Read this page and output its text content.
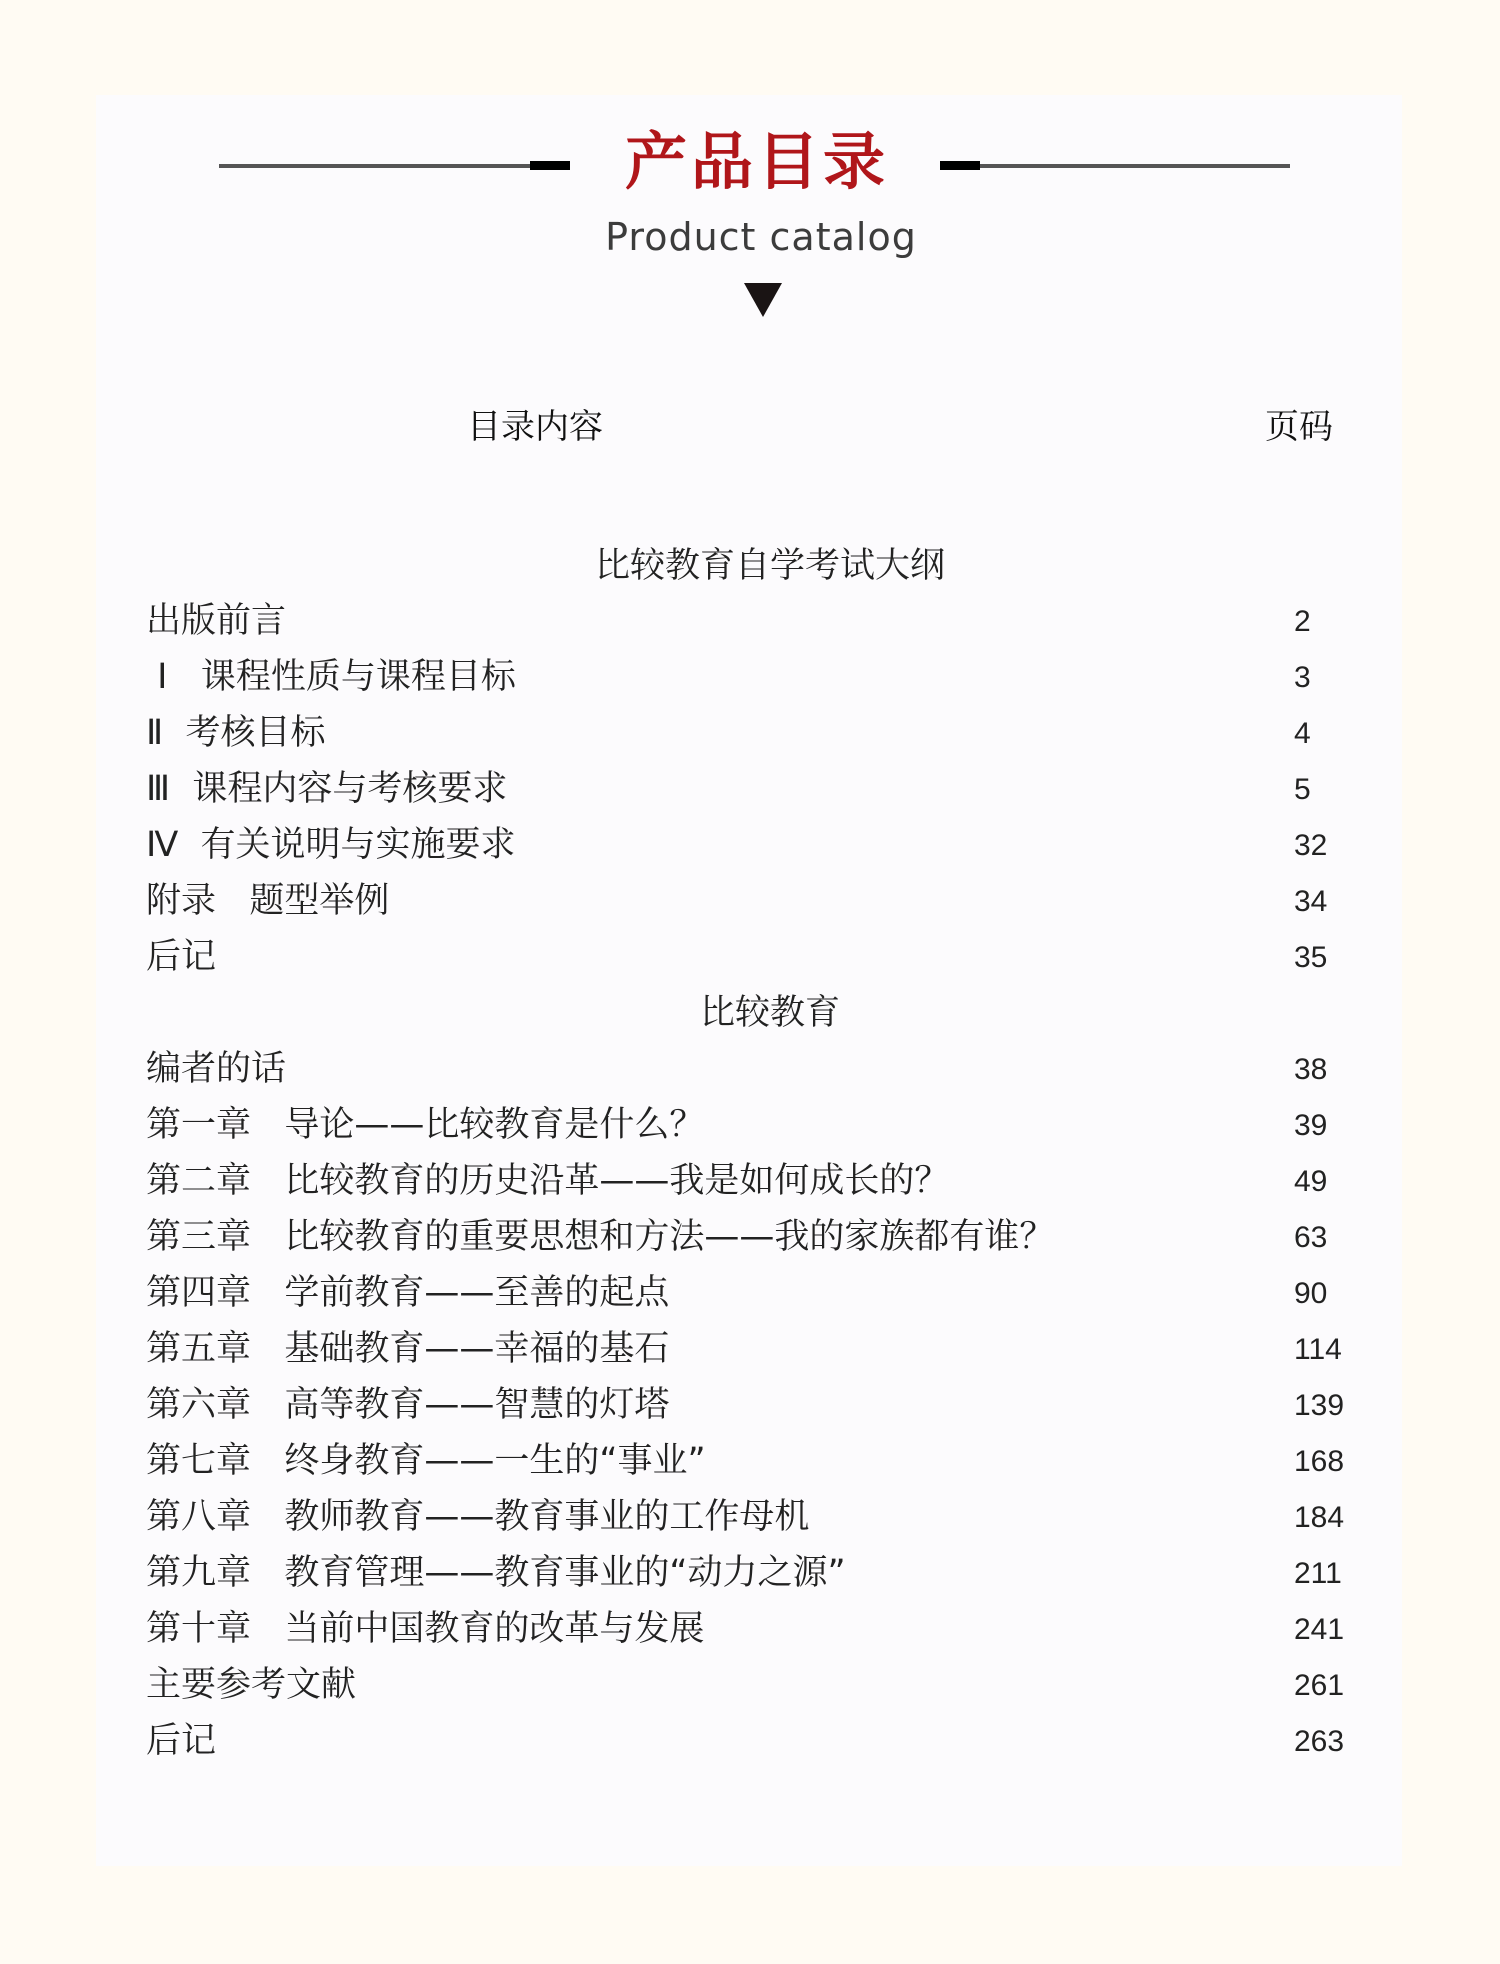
产品目录
Product catalog
目录内容	页码
比较教育自学考试大纲
出版前言	2
Ⅰ   课程性质与课程目标	3
Ⅱ  考核目标	4
Ⅲ  课程内容与考核要求	5
Ⅳ  有关说明与实施要求	32
附录   题型举例	34
后记	35
比较教育
编者的话	38
第一章   导论——比较教育是什么？	39
第二章   比较教育的历史沿革——我是如何成长的？	49
第三章   比较教育的重要思想和方法——我的家族都有谁？	63
第四章   学前教育——至善的起点	90
第五章   基础教育——幸福的基石	114
第六章   高等教育——智慧的灯塔	139
第七章   终身教育——一生的“事业”	168
第八章   教师教育——教育事业的工作母机	184
第九章   教育管理——教育事业的“动力之源”	211
第十章   当前中国教育的改革与发展	241
主要参考文献	261
后记	263
